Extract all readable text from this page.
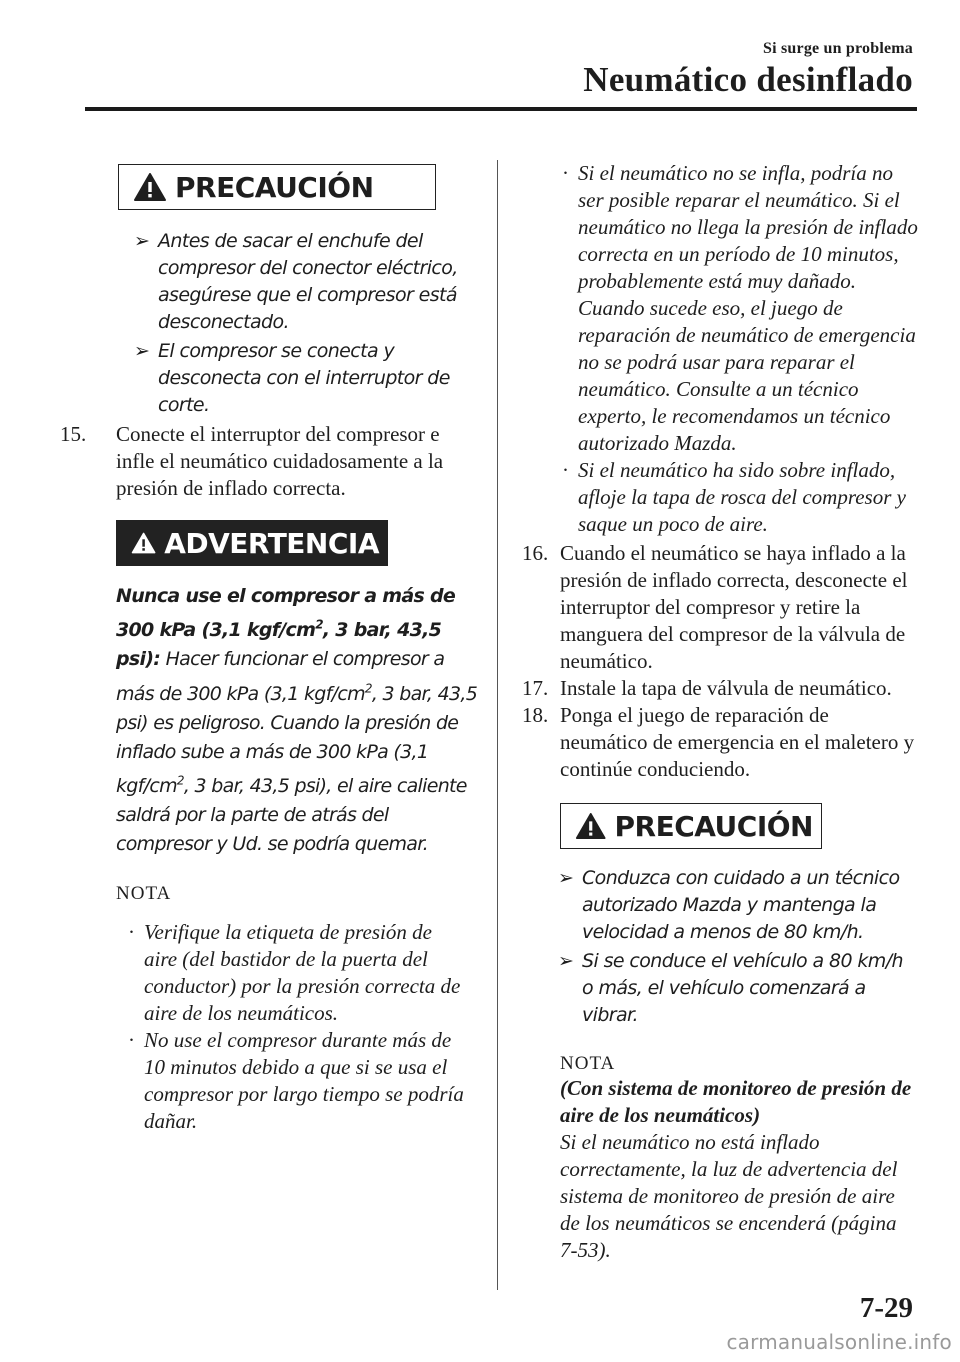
Si surge un problema
Neumático desinflado
PRECAUCIÓN
➢ Antes de sacar el enchufe del compresor del conector eléctrico, asegúrese que el compresor está desconectado.
➢ El compresor se conecta y desconecta con el interruptor de corte.
15. Conecte el interruptor del compresor e infle el neumático cuidadosamente a la presión de inflado correcta.
ADVERTENCIA
Nunca use el compresor a más de 300 kPa (3,1 kgf/$cm^2$, 3 bar, 43,5 psi): Hacer funcionar el compresor a más de 300 kPa (3,1 kgf/$cm^2$, 3 bar, 43,5 psi) es peligroso. Cuando la presión de inflado sube a más de 300 kPa (3,1 kgf/$cm^2$, 3 bar, 43,5 psi), el aire caliente saldrá por la parte de atrás del compresor y Ud. se podría quemar.
NOTA
· Verifique la etiqueta de presión de aire (del bastidor de la puerta del conductor) por la presión correcta de aire de los neumáticos.
· No use el compresor durante más de 10 minutos debido a que si se usa el compresor por largo tiempo se podría dañar.
· Si el neumático no se infla, podría no ser posible reparar el neumático. Si el neumático no llega la presión de inflado correcta en un período de 10 minutos, probablemente está muy dañado. Cuando sucede eso, el juego de reparación de neumático de emergencia no se podrá usar para reparar el neumático. Consulte a un técnico experto, le recomendamos un técnico autorizado Mazda.
· Si el neumático ha sido sobre inflado, afloje la tapa de rosca del compresor y saque un poco de aire.
16. Cuando el neumático se haya inflado a la presión de inflado correcta, desconecte el interruptor del compresor y retire la manguera del compresor de la válvula de neumático.
17. Instale la tapa de válvula de neumático.
18. Ponga el juego de reparación de neumático de emergencia en el maletero y continúe conduciendo.
PRECAUCIÓN
➢ Conduzca con cuidado a un técnico autorizado Mazda y mantenga la velocidad a menos de 80 km/h.
➢ Si se conduce el vehículo a 80 km/h o más, el vehículo comenzará a vibrar.
NOTA
(Con sistema de monitoreo de presión de aire de los neumáticos)
Si el neumático no está inflado correctamente, la luz de advertencia del sistema de monitoreo de presión de aire de los neumáticos se encenderá (página 7-53).
7-29
carmanualsonline.info
